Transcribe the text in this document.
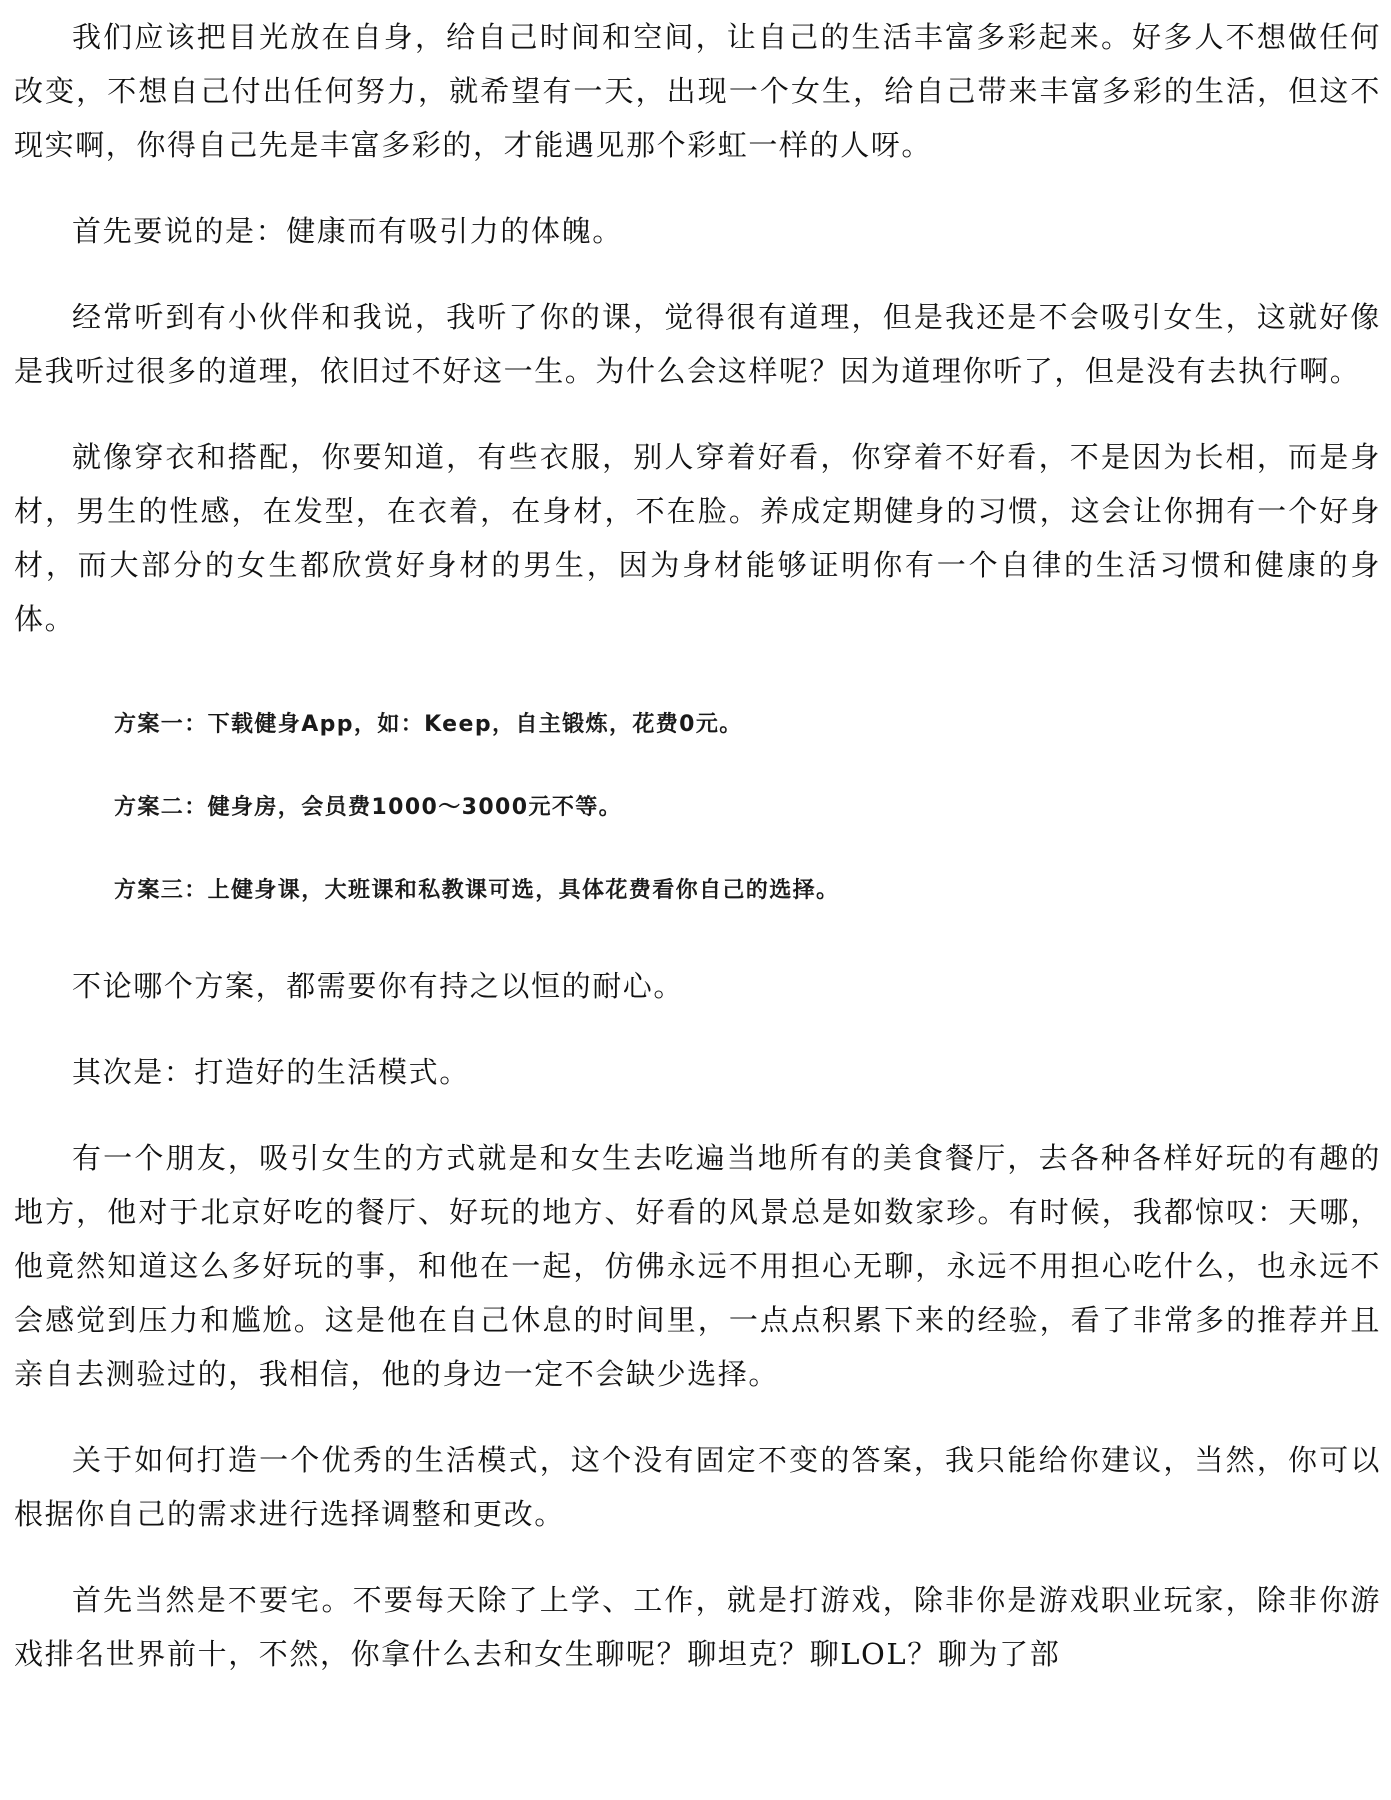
我们应该把目光放在自身，给自己时间和空间，让自己的生活丰富多彩起来。好多人不想做任何改变，不想自己付出任何努力，就希望有一天，出现一个女生，给自己带来丰富多彩的生活，但这不现实啊，你得自己先是丰富多彩的，才能遇见那个彩虹一样的人呀。

首先要说的是：健康而有吸引力的体魄。

经常听到有小伙伴和我说，我听了你的课，觉得很有道理，但是我还是不会吸引女生，这就好像是我听过很多的道理，依旧过不好这一生。为什么会这样呢？因为道理你听了，但是没有去执行啊。

就像穿衣和搭配，你要知道，有些衣服，别人穿着好看，你穿着不好看，不是因为长相，而是身材，男生的性感，在发型，在衣着，在身材，不在脸。养成定期健身的习惯，这会让你拥有一个好身材，而大部分的女生都欣赏好身材的男生，因为身材能够证明你有一个自律的生活习惯和健康的身体。

方案一：下载健身App，如：Keep，自主锻炼，花费0元。
方案二：健身房，会员费1000～3000元不等。
方案三：上健身课，大班课和私教课可选，具体花费看你自己的选择。

不论哪个方案，都需要你有持之以恒的耐心。

其次是：打造好的生活模式。

有一个朋友，吸引女生的方式就是和女生去吃遍当地所有的美食餐厅，去各种各样好玩的有趣的地方，他对于北京好吃的餐厅、好玩的地方、好看的风景总是如数家珍。有时候，我都惊叹：天哪，他竟然知道这么多好玩的事，和他在一起，仿佛永远不用担心无聊，永远不用担心吃什么，也永远不会感觉到压力和尴尬。这是他在自己休息的时间里，一点点积累下来的经验，看了非常多的推荐并且亲自去测验过的，我相信，他的身边一定不会缺少选择。

关于如何打造一个优秀的生活模式，这个没有固定不变的答案，我只能给你建议，当然，你可以根据你自己的需求进行选择调整和更改。

首先当然是不要宅。不要每天除了上学、工作，就是打游戏，除非你是游戏职业玩家，除非你游戏排名世界前十，不然，你拿什么去和女生聊呢？聊坦克？聊LOL？聊为了部
